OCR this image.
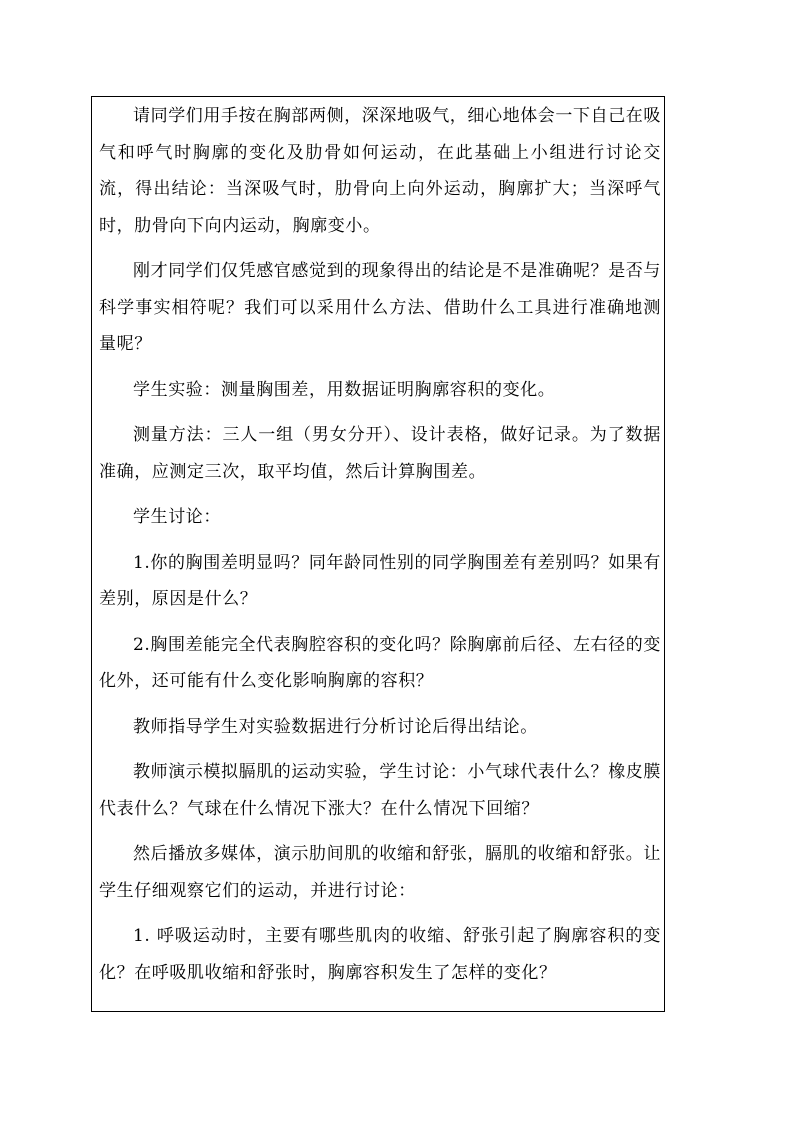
请同学们用手按在胸部两侧，深深地吸气，细心地体会一下自己在吸气和呼气时胸廓的变化及肋骨如何运动，在此基础上小组进行讨论交流，得出结论：当深吸气时，肋骨向上向外运动，胸廓扩大；当深呼气时，肋骨向下向内运动，胸廓变小。

刚才同学们仅凭感官感觉到的现象得出的结论是不是准确呢？是否与科学事实相符呢？我们可以采用什么方法、借助什么工具进行准确地测量呢？

学生实验：测量胸围差，用数据证明胸廓容积的变化。

测量方法：三人一组（男女分开）、设计表格，做好记录。为了数据准确，应测定三次，取平均值，然后计算胸围差。

学生讨论：

1.你的胸围差明显吗？同年龄同性别的同学胸围差有差别吗？如果有差别，原因是什么？

2.胸围差能完全代表胸腔容积的变化吗？除胸廓前后径、左右径的变化外，还可能有什么变化影响胸廓的容积？

教师指导学生对实验数据进行分析讨论后得出结论。

教师演示模拟膈肌的运动实验，学生讨论：小气球代表什么？橡皮膜代表什么？气球在什么情况下涨大？在什么情况下回缩？

然后播放多媒体，演示肋间肌的收缩和舒张，膈肌的收缩和舒张。让学生仔细观察它们的运动，并进行讨论：

1. 呼吸运动时，主要有哪些肌肉的收缩、舒张引起了胸廓容积的变化？在呼吸肌收缩和舒张时，胸廓容积发生了怎样的变化？
